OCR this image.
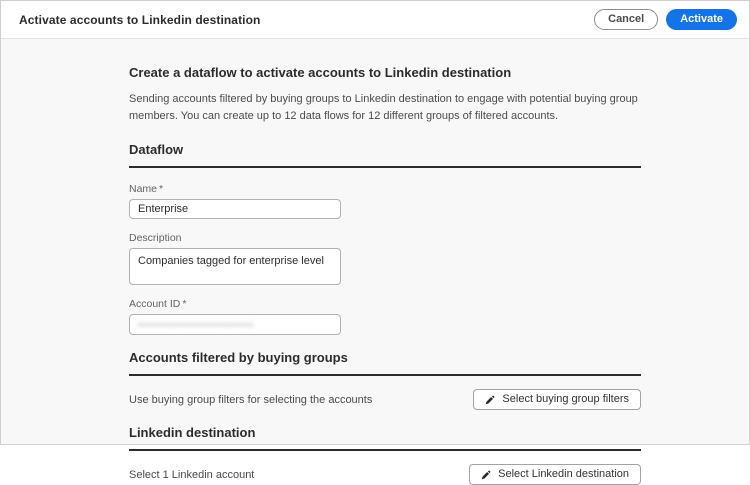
Activate accounts to Linkedin destination	Cancel	Activate
Create a dataflow to activate accounts to Linkedin destination

Sending accounts filtered by buying groups to Linkedin destination to engage with potential buying group members. You can create up to 12 data flows for 12 different groups of filtered accounts.

Dataflow
Name *
Enterprise
Description
Companies tagged for enterprise level
Account ID *
••••••••••••••••••••••••••••
Accounts filtered by buying groups
Use buying group filters for selecting the accounts	Select buying group filters
Linkedin destination
Select 1 Linkedin account	Select Linkedin destination
